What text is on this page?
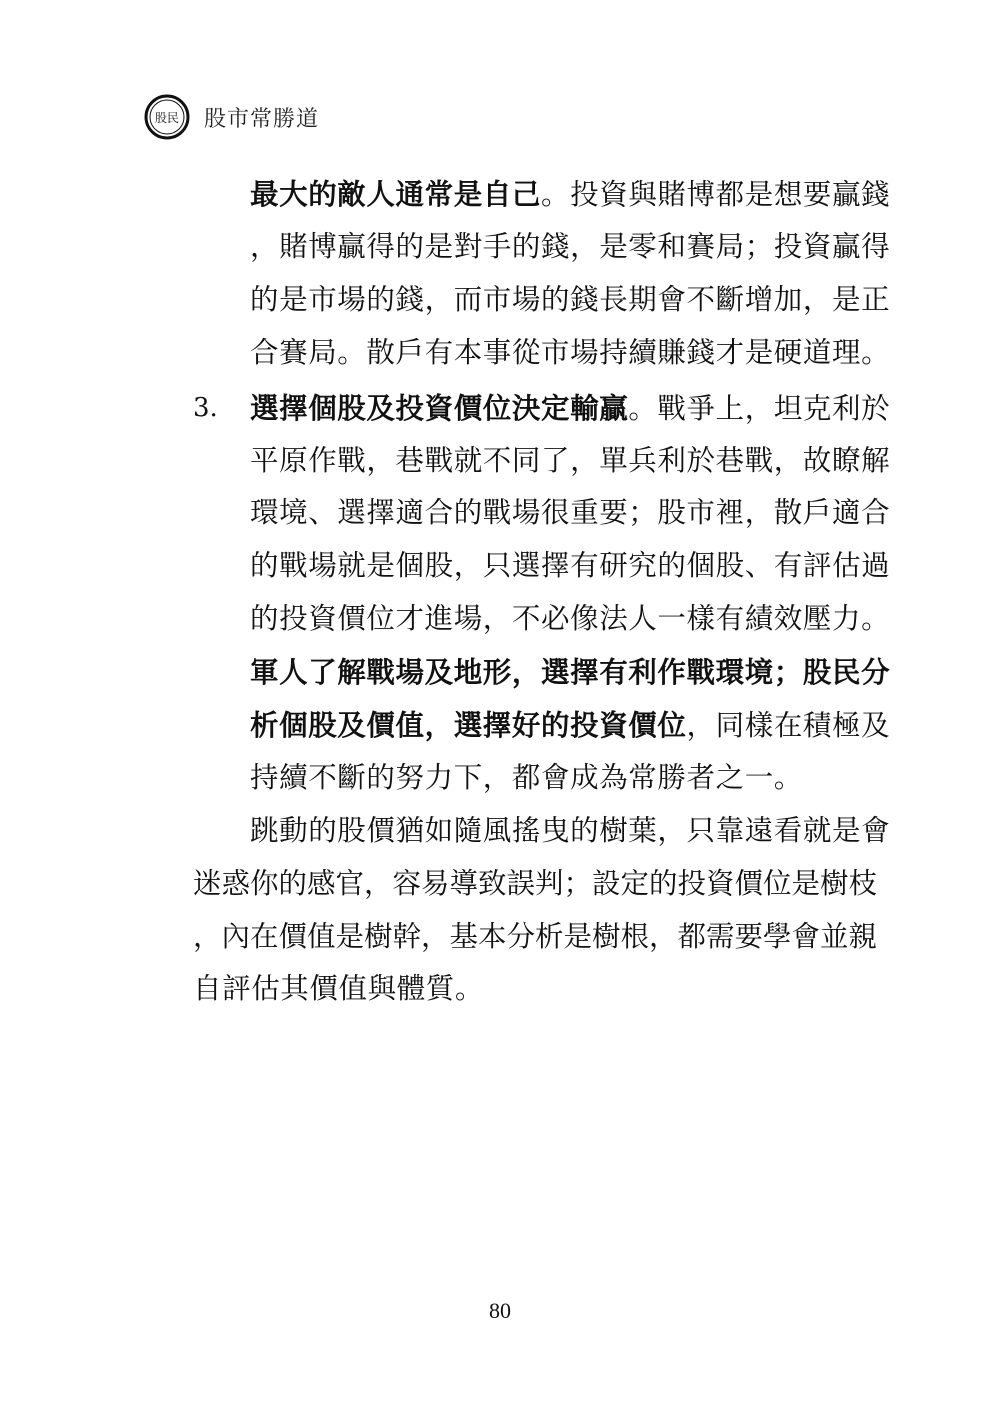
股民 股市常勝道
最大的敵人通常是自己。投資與賭博都是想要贏錢
，賭博贏得的是對手的錢，是零和賽局；投資贏得
的是市場的錢，而市場的錢長期會不斷增加，是正
合賽局。散戶有本事從市場持續賺錢才是硬道理。
3. 選擇個股及投資價位決定輸贏。戰爭上，坦克利於
平原作戰，巷戰就不同了，單兵利於巷戰，故瞭解
環境、選擇適合的戰場很重要；股市裡，散戶適合
的戰場就是個股，只選擇有研究的個股、有評估過
的投資價位才進場，不必像法人一樣有績效壓力。
軍人了解戰場及地形，選擇有利作戰環境；股民分
析個股及價值，選擇好的投資價位，同樣在積極及
持續不斷的努力下，都會成為常勝者之一。
跳動的股價猶如隨風搖曳的樹葉，只靠遠看就是會
迷惑你的感官，容易導致誤判；設定的投資價位是樹枝
，內在價值是樹幹，基本分析是樹根，都需要學會並親
自評估其價值與體質。
80
